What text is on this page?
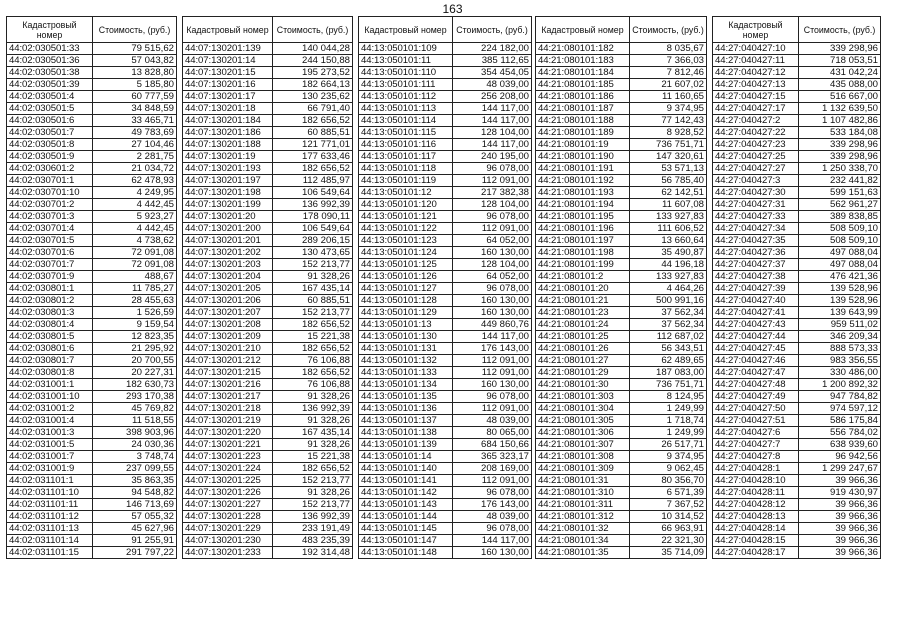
163
Кадастровый номер	Стоимость, (руб.)
44:02:030501:33	79 515,62
44:02:030501:36	57 043,82
44:02:030501:38	13 828,80
44:02:030501:39	5 185,80
44:02:030501:4	60 777,59
44:02:030501:5	34 848,59
44:02:030501:6	33 465,71
44:02:030501:7	49 783,69
44:02:030501:8	27 104,46
44:02:030501:9	2 281,75
44:02:030601:2	21 034,72
44:02:030701:1	62 478,93
44:02:030701:10	4 249,95
44:02:030701:2	4 442,45
44:02:030701:3	5 923,27
44:02:030701:4	4 442,45
44:02:030701:5	4 738,62
44:02:030701:6	72 091,08
44:02:030701:7	72 091,08
44:02:030701:9	488,67
44:02:030801:1	11 785,27
44:02:030801:2	28 455,63
44:02:030801:3	1 526,59
44:02:030801:4	9 159,54
44:02:030801:5	12 823,35
44:02:030801:6	21 295,92
44:02:030801:7	20 700,55
44:02:030801:8	20 227,31
44:02:031001:1	182 630,73
44:02:031001:10	293 170,38
44:02:031001:2	45 769,82
44:02:031001:4	11 518,55
44:02:031001:3	398 903,96
44:02:031001:5	24 030,36
44:02:031001:7	3 748,74
44:02:031001:9	237 099,55
44:02:031101:1	35 863,35
44:02:031101:10	94 548,82
44:02:031101:11	146 713,69
44:02:031101:12	57 055,32
44:02:031101:13	45 627,96
44:02:031101:14	91 255,91
44:02:031101:15	291 797,22
Кадастровый номер	Стоимость, (руб.)
44:07:130201:139	140 044,28
44:07:130201:14	244 150,88
44:07:130201:15	195 273,52
44:07:130201:16	182 664,13
44:07:130201:17	130 235,62
44:07:130201:18	66 791,40
44:07:130201:184	182 656,52
44:07:130201:186	60 885,51
44:07:130201:188	121 771,01
44:07:130201:19	177 633,46
44:07:130201:193	182 656,52
44:07:130201:197	112 485,97
44:07:130201:198	106 549,64
44:07:130201:199	136 992,39
44:07:130201:20	178 090,11
44:07:130201:200	106 549,64
44:07:130201:201	289 206,15
44:07:130201:202	130 473,65
44:07:130201:203	152 213,77
44:07:130201:204	91 328,26
44:07:130201:205	167 435,14
44:07:130201:206	60 885,51
44:07:130201:207	152 213,77
44:07:130201:208	182 656,52
44:07:130201:209	15 221,38
44:07:130201:210	182 656,52
44:07:130201:212	76 106,88
44:07:130201:215	182 656,52
44:07:130201:216	76 106,88
44:07:130201:217	91 328,26
44:07:130201:218	136 992,39
44:07:130201:219	91 328,26
44:07:130201:220	167 435,14
44:07:130201:221	91 328,26
44:07:130201:223	15 221,38
44:07:130201:224	182 656,52
44:07:130201:225	152 213,77
44:07:130201:226	91 328,26
44:07:130201:227	152 213,77
44:07:130201:228	136 992,39
44:07:130201:229	233 191,49
44:07:130201:230	483 235,39
44:07:130201:233	192 314,48
Кадастровый номер	Стоимость, (руб.)
44:13:050101:109	224 182,00
44:13:050101:11	385 112,65
44:13:050101:110	354 454,05
44:13:050101:111	48 039,00
44:13:050101:112	256 208,00
44:13:050101:113	144 117,00
44:13:050101:114	144 117,00
44:13:050101:115	128 104,00
44:13:050101:116	144 117,00
44:13:050101:117	240 195,00
44:13:050101:118	96 078,00
44:13:050101:119	112 091,00
44:13:050101:12	217 382,38
44:13:050101:120	128 104,00
44:13:050101:121	96 078,00
44:13:050101:122	112 091,00
44:13:050101:123	64 052,00
44:13:050101:124	160 130,00
44:13:050101:125	128 104,00
44:13:050101:126	64 052,00
44:13:050101:127	96 078,00
44:13:050101:128	160 130,00
44:13:050101:129	160 130,00
44:13:050101:13	449 860,76
44:13:050101:130	144 117,00
44:13:050101:131	176 143,00
44:13:050101:132	112 091,00
44:13:050101:133	112 091,00
44:13:050101:134	160 130,00
44:13:050101:135	96 078,00
44:13:050101:136	112 091,00
44:13:050101:137	48 039,00
44:13:050101:138	80 065,00
44:13:050101:139	684 150,66
44:13:050101:14	365 323,17
44:13:050101:140	208 169,00
44:13:050101:141	112 091,00
44:13:050101:142	96 078,00
44:13:050101:143	176 143,00
44:13:050101:144	48 039,00
44:13:050101:145	96 078,00
44:13:050101:147	144 117,00
44:13:050101:148	160 130,00
Кадастровый номер	Стоимость, (руб.)
44:21:080101:182	8 035,67
44:21:080101:183	7 366,03
44:21:080101:184	7 812,46
44:21:080101:185	21 607,02
44:21:080101:186	11 160,65
44:21:080101:187	9 374,95
44:21:080101:188	77 142,43
44:21:080101:189	8 928,52
44:21:080101:19	736 751,71
44:21:080101:190	147 320,61
44:21:080101:191	53 571,13
44:21:080101:192	56 785,40
44:21:080101:193	62 142,51
44:21:080101:194	11 607,08
44:21:080101:195	133 927,83
44:21:080101:196	111 606,52
44:21:080101:197	13 660,64
44:21:080101:198	35 490,87
44:21:080101:199	44 196,18
44:21:080101:2	133 927,83
44:21:080101:20	4 464,26
44:21:080101:21	500 991,16
44:21:080101:23	37 562,34
44:21:080101:24	37 562,34
44:21:080101:25	112 687,02
44:21:080101:26	56 343,51
44:21:080101:27	62 489,65
44:21:080101:29	187 083,00
44:21:080101:30	736 751,71
44:21:080101:303	8 124,95
44:21:080101:304	1 249,99
44:21:080101:305	1 718,74
44:21:080101:306	1 249,99
44:21:080101:307	26 517,71
44:21:080101:308	9 374,95
44:21:080101:309	9 062,45
44:21:080101:31	80 356,70
44:21:080101:310	6 571,39
44:21:080101:311	7 367,52
44:21:080101:312	10 314,52
44:21:080101:32	66 963,91
44:21:080101:34	22 321,30
44:21:080101:35	35 714,09
Кадастровый номер	Стоимость, (руб.)
44:27:040427:10	339 298,96
44:27:040427:11	718 053,51
44:27:040427:12	431 042,24
44:27:040427:13	435 088,00
44:27:040427:15	516 667,00
44:27:040427:17	1 132 639,50
44:27:040427:2	1 107 482,86
44:27:040427:22	533 184,08
44:27:040427:23	339 298,96
44:27:040427:25	339 298,96
44:27:040427:27	1 250 338,70
44:27:040427:3	232 441,82
44:27:040427:30	599 151,63
44:27:040427:31	562 961,27
44:27:040427:33	389 838,85
44:27:040427:34	508 509,10
44:27:040427:35	508 509,10
44:27:040427:36	497 088,04
44:27:040427:37	497 088,04
44:27:040427:38	476 421,36
44:27:040427:39	139 528,96
44:27:040427:40	139 528,96
44:27:040427:41	139 643,99
44:27:040427:43	959 511,02
44:27:040427:44	346 209,34
44:27:040427:45	888 573,33
44:27:040427:46	983 356,55
44:27:040427:47	330 486,00
44:27:040427:48	1 200 892,32
44:27:040427:49	947 784,82
44:27:040427:50	974 597,12
44:27:040427:51	586 175,84
44:27:040427:6	556 784,02
44:27:040427:7	638 939,60
44:27:040427:8	96 942,56
44:27:040428:1	1 299 247,67
44:27:040428:10	39 966,36
44:27:040428:11	919 430,97
44:27:040428:12	39 966,36
44:27:040428:13	39 966,36
44:27:040428:14	39 966,36
44:27:040428:15	39 966,36
44:27:040428:17	39 966,36
